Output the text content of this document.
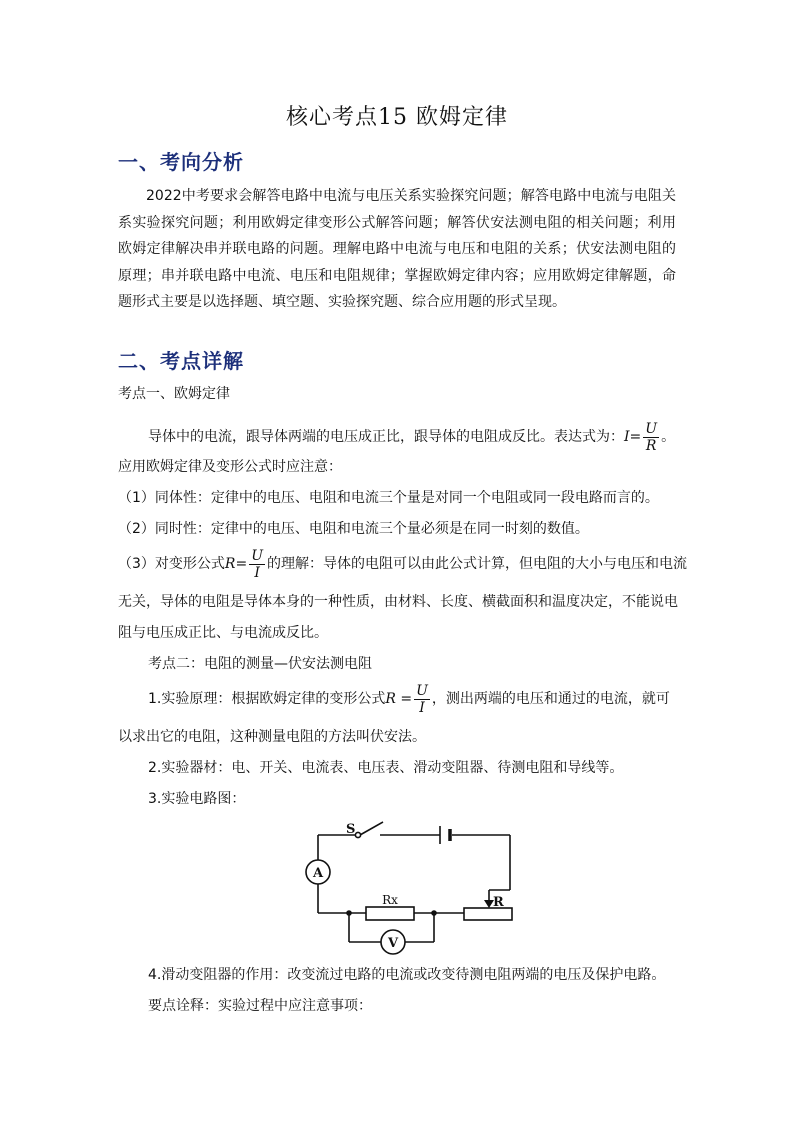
核心考点15 欧姆定律
一、考向分析
2022中考要求会解答电路中电流与电压关系实验探究问题；解答电路中电流与电阻关系实验探究问题；利用欧姆定律变形公式解答问题；解答伏安法测电阻的相关问题；利用欧姆定律解决串并联电路的问题。理解电路中电流与电压和电阻的关系；伏安法测电阻的原理；串并联电路中电流、电压和电阻规律；掌握欧姆定律内容；应用欧姆定律解题，命题形式主要是以选择题、填空题、实验探究题、综合应用题的形式呈现。
二、考点详解
考点一、欧姆定律
导体中的电流，跟导体两端的电压成正比，跟导体的电阻成反比。表达式为：$I= \frac{U}{R}$ 。
应用欧姆定律及变形公式时应注意：
（1）同体性：定律中的电压、电阻和电流三个量是对同一个电阻或同一段电路而言的。
（2）同时性：定律中的电压、电阻和电流三个量必须是在同一时刻的数值。
（3）对变形公式$R= \frac{U}{I}$ 的理解：导体的电阻可以由此公式计算，但电阻的大小与电压和电流
无关，导体的电阻是导体本身的一种性质，由材料、长度、横截面积和温度决定，不能说电
阻与电压成正比、与电流成反比。
考点二：电阻的测量—伏安法测电阻
1.实验原理：根据欧姆定律的变形公式$R = \frac{U}{I}$ ，测出两端的电压和通过的电流，就可
以求出它的电阻，这种测量电阻的方法叫伏安法。
2.实验器材：电、开关、电流表、电压表、滑动变阻器、待测电阻和导线等。
3.实验电路图：
S
A
Rx	R
V
4.滑动变阻器的作用：改变流过电路的电流或改变待测电阻两端的电压及保护电路。
要点诠释：实验过程中应注意事项：
